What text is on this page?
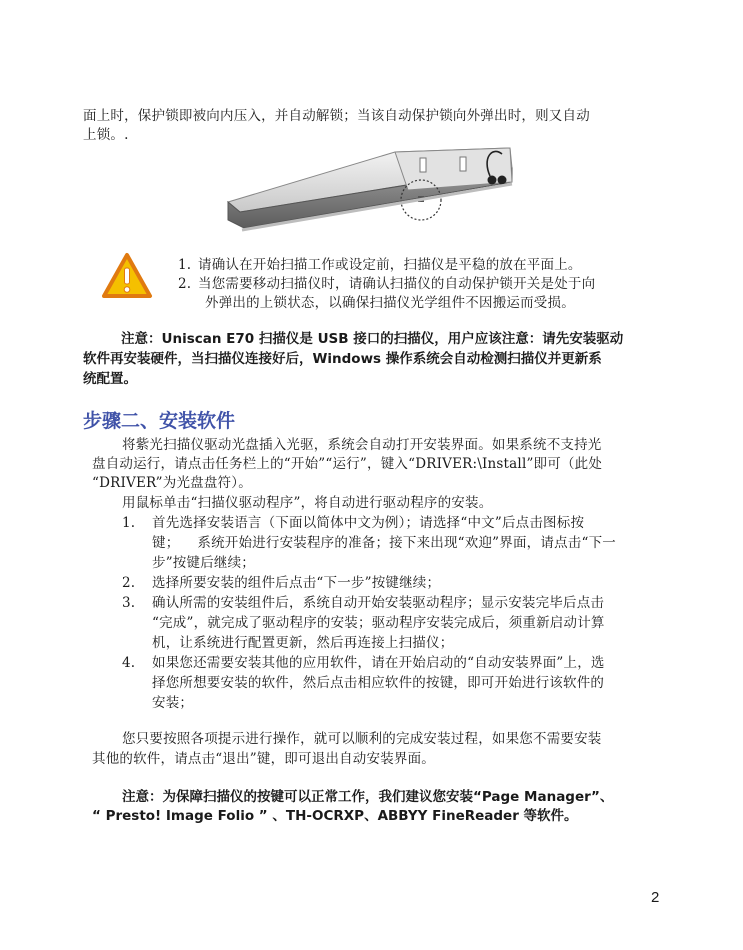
面上时，保护锁即被向内压入，并自动解锁；当该自动保护锁向外弹出时，则又自动
上锁。.
1. 请确认在开始扫描工作或设定前，扫描仪是平稳的放在平面上。
2. 当您需要移动扫描仪时，请确认扫描仪的自动保护锁开关是处于向
外弹出的上锁状态，以确保扫描仪光学组件不因搬运而受损。
注意：Uniscan E70 扫描仪是 USB 接口的扫描仪，用户应该注意：请先安装驱动
软件再安装硬件，当扫描仪连接好后，Windows 操作系统会自动检测扫描仪并更新系
统配置。
步骤二、安装软件
将紫光扫描仪驱动光盘插入光驱，系统会自动打开安装界面。如果系统不支持光
盘自动运行，请点击任务栏上的“开始”“运行”，键入“DRIVER:\Install”即可（此处
“DRIVER”为光盘盘符）。
用鼠标单击“扫描仪驱动程序”，将自动进行驱动程序的安装。
1. 首先选择安装语言（下面以简体中文为例）；请选择“中文”后点击图标按
键；    系统开始进行安装程序的准备；接下来出现“欢迎”界面，请点击“下一
步”按键后继续；
2. 选择所要安装的组件后点击“下一步”按键继续；
3. 确认所需的安装组件后，系统自动开始安装驱动程序；显示安装完毕后点击
“完成”，就完成了驱动程序的安装；驱动程序安装完成后，须重新启动计算
机，让系统进行配置更新，然后再连接上扫描仪；
4. 如果您还需要安装其他的应用软件，请在开始启动的“自动安装界面”上，选
择您所想要安装的软件，然后点击相应软件的按键，即可开始进行该软件的
安装；
您只要按照各项提示进行操作，就可以顺利的完成安装过程，如果您不需要安装
其他的软件，请点击“退出”键，即可退出自动安装界面。
注意：为保障扫描仪的按键可以正常工作，我们建议您安装“Page Manager”、
“ Presto! Image Folio ” 、TH-OCRXP、ABBYY FineReader 等软件。
2
